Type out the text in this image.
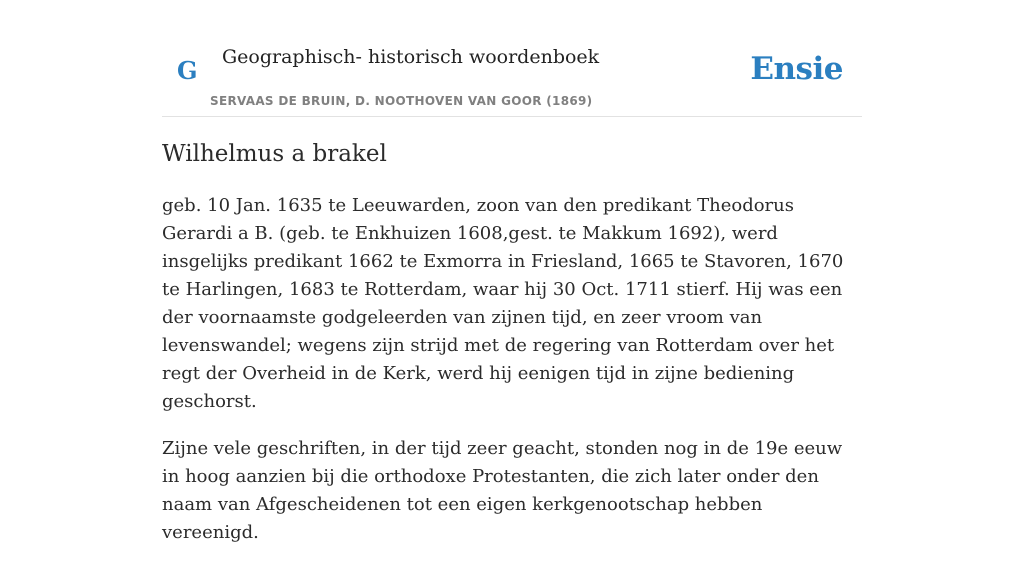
G Geographisch- historisch woordenboek
SERVAAS DE BRUIN, D. NOOTHOVEN VAN GOOR (1869)
Ensie
Wilhelmus a brakel

geb. 10 Jan. 1635 te Leeuwarden, zoon van den predikant Theodorus Gerardi a B. (geb. te Enkhuizen 1608,gest. te Makkum 1692), werd insgelijks predikant 1662 te Exmorra in Friesland, 1665 te Stavoren, 1670 te Harlingen, 1683 te Rotterdam, waar hij 30 Oct. 1711 stierf. Hij was een der voornaamste godgeleerden van zijnen tijd, en zeer vroom van levenswandel; wegens zijn strijd met de regering van Rotterdam over het regt der Overheid in de Kerk, werd hij eenigen tijd in zijne bediening geschorst.

Zijne vele geschriften, in der tijd zeer geacht, stonden nog in de 19e eeuw in hoog aanzien bij die orthodoxe Protestanten, die zich later onder den naam van Afgescheidenen tot een eigen kerkgenootschap hebben vereenigd.
